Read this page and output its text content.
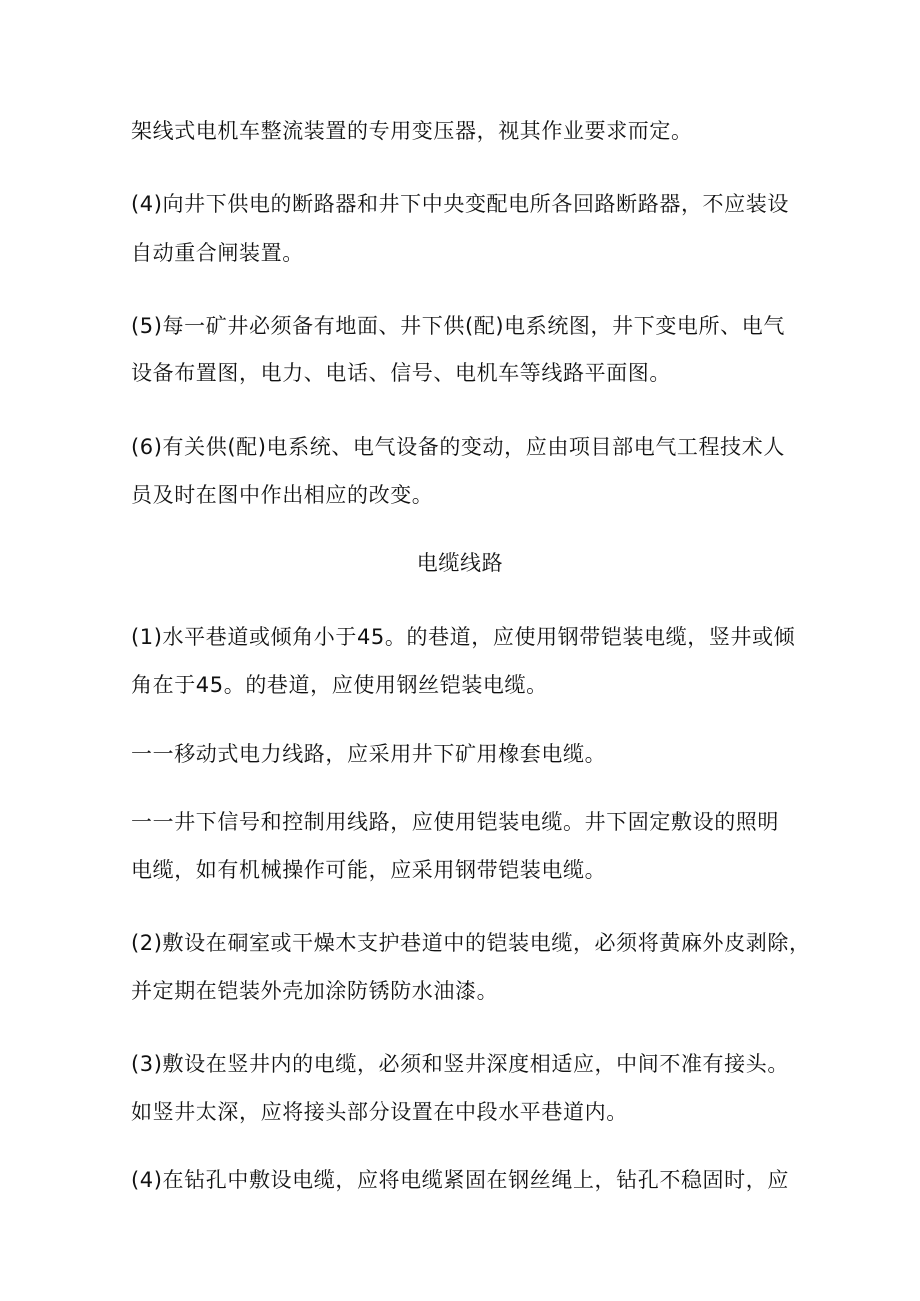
架线式电机车整流装置的专用变压器，视其作业要求而定。
(4)向井下供电的断路器和井下中央变配电所各回路断路器，不应装设
自动重合闸装置。
(5)每一矿井必须备有地面、井下供(配)电系统图，井下变电所、电气
设备布置图，电力、电话、信号、电机车等线路平面图。
(6)有关供(配)电系统、电气设备的变动，应由项目部电气工程技术人
员及时在图中作出相应的改变。
电缆线路
(1)水平巷道或倾角小于45。的巷道，应使用钢带铠装电缆，竖井或倾
角在于45。的巷道，应使用钢丝铠装电缆。
一一移动式电力线路，应采用井下矿用橡套电缆。
一一井下信号和控制用线路，应使用铠装电缆。井下固定敷设的照明
电缆，如有机械操作可能，应采用钢带铠装电缆。
(2)敷设在硐室或干燥木支护巷道中的铠装电缆，必须将黄麻外皮剥除，
并定期在铠装外壳加涂防锈防水油漆。
(3)敷设在竖井内的电缆，必须和竖井深度相适应，中间不准有接头。
如竖井太深，应将接头部分设置在中段水平巷道内。
(4)在钻孔中敷设电缆，应将电缆紧固在钢丝绳上，钻孔不稳固时，应
